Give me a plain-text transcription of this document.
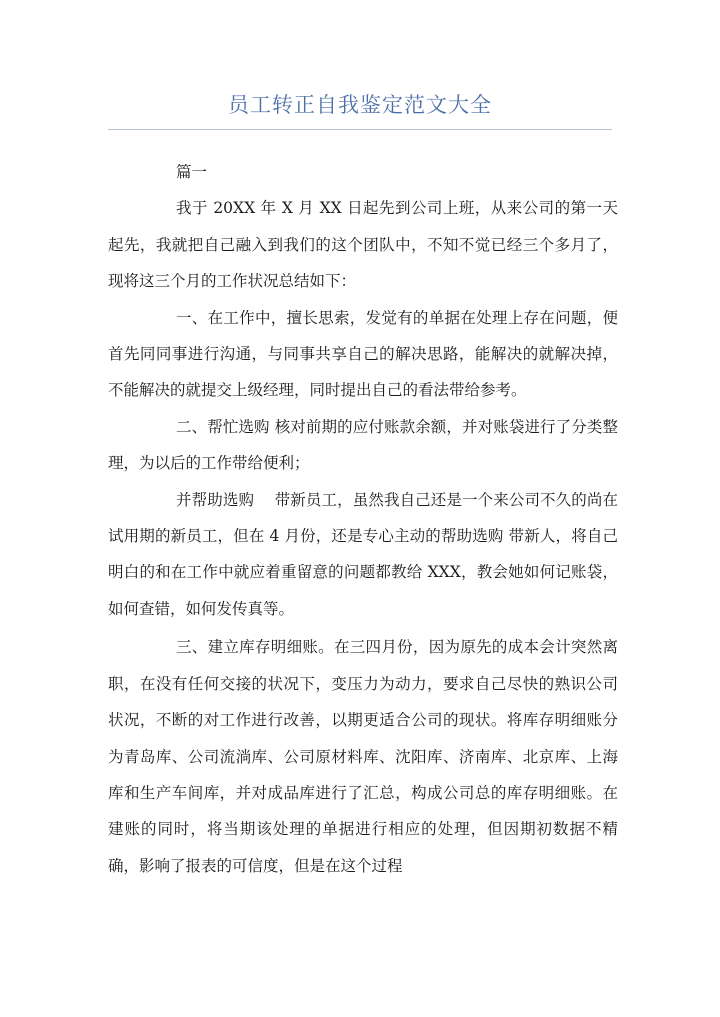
员工转正自我鉴定范文大全

篇一

我于 20XX 年 X 月 XX 日起先到公司上班，从来公司的第一天起先，我就把自己融入到我们的这个团队中，不知不觉已经三个多月了，现将这三个月的工作状况总结如下：

一、在工作中，擅长思索，发觉有的单据在处理上存在问题，便首先同同事进行沟通，与同事共享自己的解决思路，能解决的就解决掉，不能解决的就提交上级经理，同时提出自己的看法带给参考。

二、帮忙选购 核对前期的应付账款余额，并对账袋进行了分类整理，为以后的工作带给便利；

并帮助选购　 带新员工，虽然我自己还是一个来公司不久的尚在试用期的新员工，但在 4 月份，还是专心主动的帮助选购 带新人，将自己明白的和在工作中就应着重留意的问题都教给 XXX，教会她如何记账袋，如何查错，如何发传真等。

三、建立库存明细账。在三四月份，因为原先的成本会计突然离职，在没有任何交接的状况下，变压力为动力，要求自己尽快的熟识公司状况，不断的对工作进行改善，以期更适合公司的现状。将库存明细账分为青岛库、公司流淌库、公司原材料库、沈阳库、济南库、北京库、上海库和生产车间库，并对成品库进行了汇总，构成公司总的库存明细账。在建账的同时，将当期该处理的单据进行相应的处理，但因期初数据不精确，影响了报表的可信度，但是在这个过程
